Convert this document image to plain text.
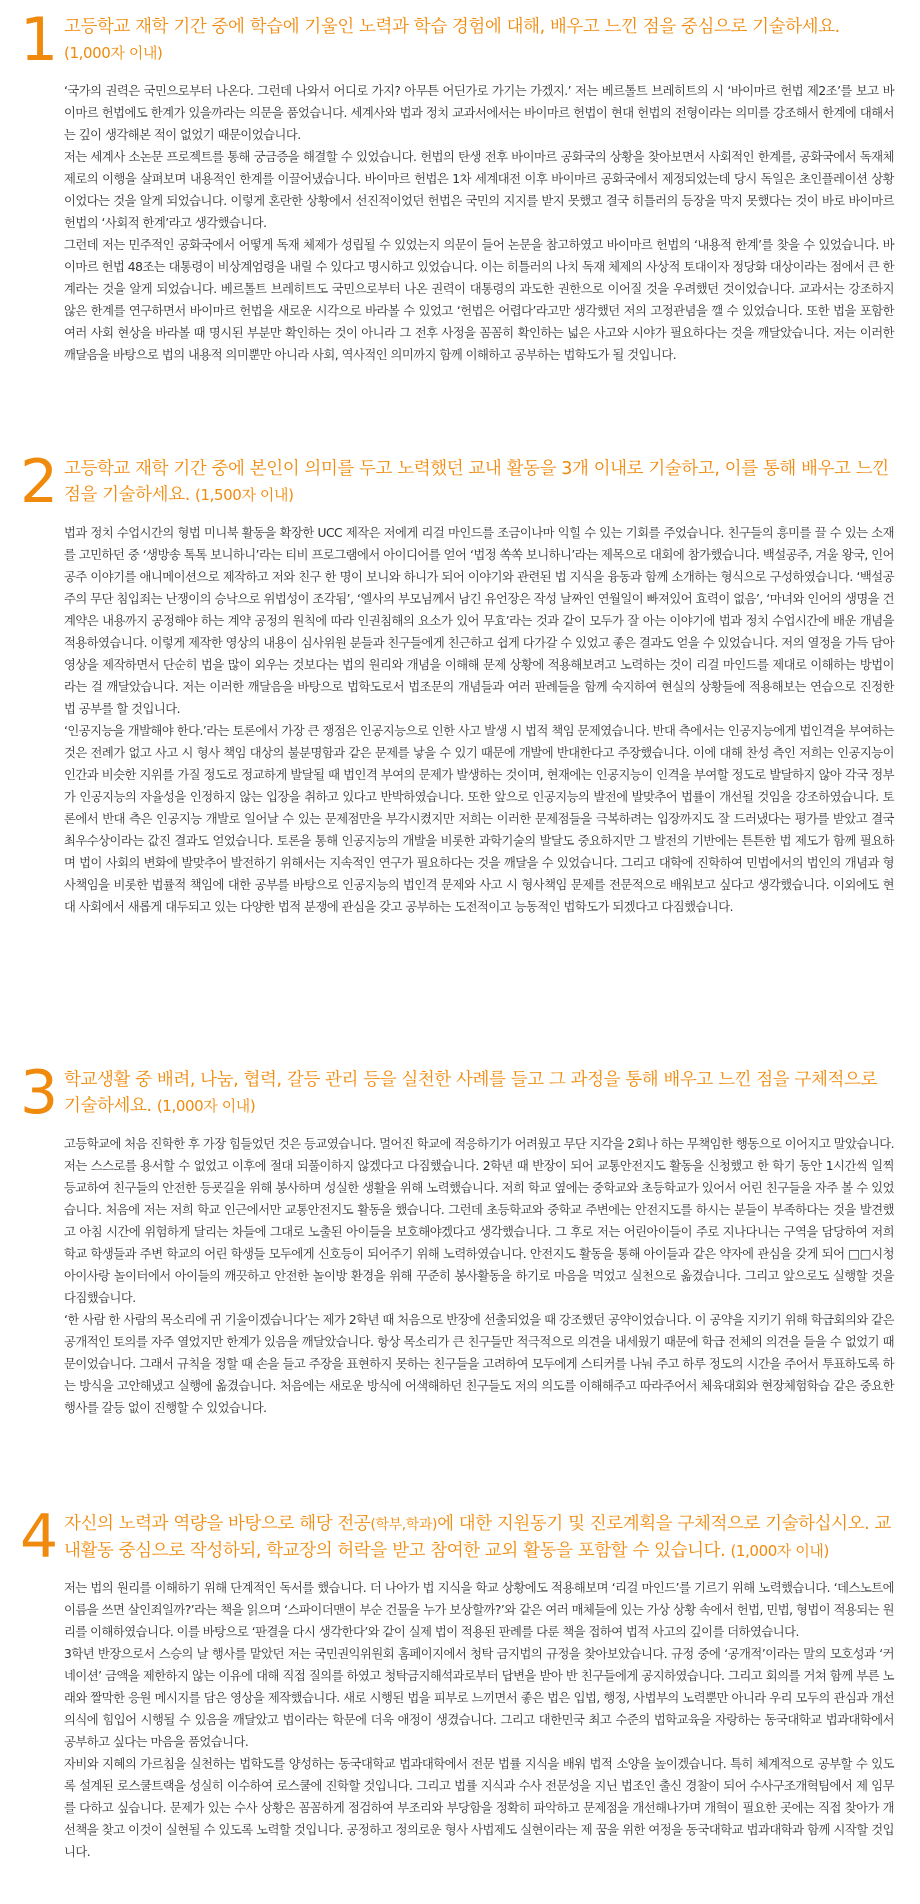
1 고등학교 재학 기간 중에 학습에 기울인 노력과 학습 경험에 대해, 배우고 느낀 점을 중심으로 기술하세요.
(1,000자 이내)

‘국가의 권력은 국민으로부터 나온다. 그런데 나와서 어디로 가지? 아무튼 어딘가로 가기는 가겠지.’ 저는 베르톨트 브레히트의 시 ‘바이마르 헌법 제2조’를 보고 바이마르 헌법에도 한계가 있을까라는 의문을 품었습니다. 세계사와 법과 정치 교과서에서는 바이마르 헌법이 현대 헌법의 전형이라는 의미를 강조해서 한계에 대해서는 깊이 생각해본 적이 없었기 때문이었습니다.

저는 세계사 소논문 프로젝트를 통해 궁금증을 해결할 수 있었습니다. 헌법의 탄생 전후 바이마르 공화국의 상황을 찾아보면서 사회적인 한계를, 공화국에서 독재체제로의 이행을 살펴보며 내용적인 한계를 이끌어냈습니다. 바이마르 헌법은 1차 세계대전 이후 바이마르 공화국에서 제정되었는데 당시 독일은 초인플레이션 상황이었다는 것을 알게 되었습니다. 이렇게 혼란한 상황에서 선진적이었던 헌법은 국민의 지지를 받지 못했고 결국 히틀러의 등장을 막지 못했다는 것이 바로 바이마르 헌법의 ‘사회적 한계’라고 생각했습니다.

그런데 저는 민주적인 공화국에서 어떻게 독재 체제가 성립될 수 있었는지 의문이 들어 논문을 참고하였고 바이마르 헌법의 ‘내용적 한계’를 찾을 수 있었습니다. 바이마르 헌법 48조는 대통령이 비상계엄령을 내릴 수 있다고 명시하고 있었습니다. 이는 히틀러의 나치 독재 체제의 사상적 토대이자 정당화 대상이라는 점에서 큰 한계라는 것을 알게 되었습니다. 베르톨트 브레히트도 국민으로부터 나온 권력이 대통령의 과도한 권한으로 이어질 것을 우려했던 것이었습니다. 교과서는 강조하지 않은 한계를 연구하면서 바이마르 헌법을 새로운 시각으로 바라볼 수 있었고 ‘헌법은 어렵다’라고만 생각했던 저의 고정관념을 깰 수 있었습니다. 또한 법을 포함한 여러 사회 현상을 바라볼 때 명시된 부분만 확인하는 것이 아니라 그 전후 사정을 꼼꼼히 확인하는 넓은 사고와 시야가 필요하다는 것을 깨달았습니다. 저는 이러한 깨달음을 바탕으로 법의 내용적 의미뿐만 아니라 사회, 역사적인 의미까지 함께 이해하고 공부하는 법학도가 될 것입니다.

2 고등학교 재학 기간 중에 본인이 의미를 두고 노력했던 교내 활동을 3개 이내로 기술하고, 이를 통해 배우고 느낀 점을 기술하세요. (1,500자 이내)

법과 정치 수업시간의 형법 미니북 활동을 확장한 UCC 제작은 저에게 리걸 마인드를 조금이나마 익힐 수 있는 기회를 주었습니다. 친구들의 흥미를 끌 수 있는 소재를 고민하던 중 ‘생방송 톡톡 보니하니’라는 티비 프로그램에서 아이디어를 얻어 ‘법정 쏙쏙 보니하니’라는 제목으로 대회에 참가했습니다. 백설공주, 겨울 왕국, 인어공주 이야기를 애니메이션으로 제작하고 저와 친구 한 명이 보니와 하니가 되어 이야기와 관련된 법 지식을 융동과 함께 소개하는 형식으로 구성하였습니다. ‘백설공주의 무단 침입죄는 난쟁이의 승낙으로 위법성이 조각됨’, ‘엘사의 부모님께서 남긴 유언장은 작성 날짜인 연월일이 빠져있어 효력이 없음’, ‘마녀와 인어의 생명을 건 계약은 내용까지 공정해야 하는 계약 공정의 원칙에 따라 인권침해의 요소가 있어 무효’라는 것과 같이 모두가 잘 아는 이야기에 법과 정치 수업시간에 배운 개념을 적용하였습니다. 이렇게 제작한 영상의 내용이 심사위원 분들과 친구들에게 친근하고 쉽게 다가갈 수 있었고 좋은 결과도 얻을 수 있었습니다. 저의 열정을 가득 담아 영상을 제작하면서 단순히 법을 많이 외우는 것보다는 법의 원리와 개념을 이해해 문제 상황에 적용해보려고 노력하는 것이 리걸 마인드를 제대로 이해하는 방법이라는 걸 깨달았습니다. 저는 이러한 깨달음을 바탕으로 법학도로서 법조문의 개념들과 여러 판례들을 함께 숙지하여 현실의 상황들에 적용해보는 연습으로 진정한 법 공부를 할 것입니다.

‘인공지능을 개발해야 한다.’라는 토론에서 가장 큰 쟁점은 인공지능으로 인한 사고 발생 시 법적 책임 문제였습니다. 반대 측에서는 인공지능에게 법인격을 부여하는 것은 전례가 없고 사고 시 형사 책임 대상의 불분명함과 같은 문제를 낳을 수 있기 때문에 개발에 반대한다고 주장했습니다. 이에 대해 찬성 측인 저희는 인공지능이 인간과 비슷한 지위를 가질 정도로 정교하게 발달될 때 법인격 부여의 문제가 발생하는 것이며, 현재에는 인공지능이 인격을 부여할 정도로 발달하지 않아 각국 정부가 인공지능의 자율성을 인정하지 않는 입장을 취하고 있다고 반박하였습니다. 또한 앞으로 인공지능의 발전에 발맞추어 법률이 개선될 것임을 강조하였습니다. 토론에서 반대 측은 인공지능 개발로 일어날 수 있는 문제점만을 부각시켰지만 저희는 이러한 문제점들을 극복하려는 입장까지도 잘 드러냈다는 평가를 받았고 결국 최우수상이라는 값진 결과도 얻었습니다. 토론을 통해 인공지능의 개발을 비롯한 과학기술의 발달도 중요하지만 그 발전의 기반에는 튼튼한 법 제도가 함께 필요하며 법이 사회의 변화에 발맞추어 발전하기 위해서는 지속적인 연구가 필요하다는 것을 깨달을 수 있었습니다. 그리고 대학에 진학하여 민법에서의 법인의 개념과 형사책임을 비롯한 법률적 책임에 대한 공부를 바탕으로 인공지능의 법인격 문제와 사고 시 형사책임 문제를 전문적으로 배워보고 싶다고 생각했습니다. 이외에도 현대 사회에서 새롭게 대두되고 있는 다양한 법적 분쟁에 관심을 갖고 공부하는 도전적이고 능동적인 법학도가 되겠다고 다짐했습니다.

3 학교생활 중 배려, 나눔, 협력, 갈등 관리 등을 실천한 사례를 들고 그 과정을 통해 배우고 느낀 점을 구체적으로 기술하세요. (1,000자 이내)

고등학교에 처음 진학한 후 가장 힘들었던 것은 등교였습니다. 멀어진 학교에 적응하기가 어려웠고 무단 지각을 2회나 하는 무책임한 행동으로 이어지고 말았습니다. 저는 스스로를 용서할 수 없었고 이후에 절대 되풀이하지 않겠다고 다짐했습니다. 2학년 때 반장이 되어 교통안전지도 활동을 신청했고 한 학기 동안 1시간씩 일찍 등교하여 친구들의 안전한 등굣길을 위해 봉사하며 성실한 생활을 위해 노력했습니다. 저희 학교 옆에는 중학교와 초등학교가 있어서 어린 친구들을 자주 볼 수 있었습니다. 처음에 저는 저희 학교 인근에서만 교통안전지도 활동을 했습니다. 그런데 초등학교와 중학교 주변에는 안전지도를 하시는 분들이 부족하다는 것을 발견했고 아침 시간에 위험하게 달리는 차들에 그대로 노출된 아이들을 보호해야겠다고 생각했습니다. 그 후로 저는 어린아이들이 주로 지나다니는 구역을 담당하여 저희 학교 학생들과 주변 학교의 어린 학생들 모두에게 신호등이 되어주기 위해 노력하였습니다. 안전지도 활동을 통해 아이들과 같은 약자에 관심을 갖게 되어 □□시청 아이사랑 놀이터에서 아이들의 깨끗하고 안전한 놀이방 환경을 위해 꾸준히 봉사활동을 하기로 마음을 먹었고 실천으로 옮겼습니다. 그리고 앞으로도 실행할 것을 다짐했습니다.

‘한 사람 한 사람의 목소리에 귀 기울이겠습니다’는 제가 2학년 때 처음으로 반장에 선출되었을 때 강조했던 공약이었습니다. 이 공약을 지키기 위해 학급회의와 같은 공개적인 토의를 자주 열었지만 한계가 있음을 깨달았습니다. 항상 목소리가 큰 친구들만 적극적으로 의견을 내세웠기 때문에 학급 전체의 의견을 들을 수 없었기 때문이었습니다. 그래서 규칙을 정할 때 손을 들고 주장을 표현하지 못하는 친구들을 고려하여 모두에게 스티커를 나눠 주고 하루 정도의 시간을 주어서 투표하도록 하는 방식을 고안해냈고 실행에 옮겼습니다. 처음에는 새로운 방식에 어색해하던 친구들도 저의 의도를 이해해주고 따라주어서 체육대회와 현장체험학습 같은 중요한 행사를 갈등 없이 진행할 수 있었습니다.

4 자신의 노력과 역량을 바탕으로 해당 전공(학부,학과)에 대한 지원동기 및 진로계획을 구체적으로 기술하십시오. 교내활동 중심으로 작성하되, 학교장의 허락을 받고 참여한 교외 활동을 포함할 수 있습니다. (1,000자 이내)

저는 법의 원리를 이해하기 위해 단계적인 독서를 했습니다. 더 나아가 법 지식을 학교 상황에도 적용해보며 ‘리걸 마인드’를 기르기 위해 노력했습니다. ‘데스노트에 이름을 쓰면 살인죄일까?’라는 책을 읽으며 ‘스파이더맨이 부순 건물을 누가 보상할까?’와 같은 여러 매체들에 있는 가상 상황 속에서 헌법, 민법, 형법이 적용되는 원리를 이해하였습니다. 이를 바탕으로 ‘판결을 다시 생각한다’와 같이 실제 법이 적용된 판례를 다룬 책을 접하여 법적 사고의 깊이를 더하였습니다.

3학년 반장으로서 스승의 날 행사를 맡았던 저는 국민권익위원회 홈페이지에서 청탁 금지법의 규정을 찾아보았습니다. 규정 중에 ‘공개적’이라는 말의 모호성과 ‘커네이션’ 금액을 제한하지 않는 이유에 대해 직접 질의를 하였고 청탁금지해석과로부터 답변을 받아 반 친구들에게 공지하였습니다. 그리고 회의를 거쳐 함께 부른 노래와 짤막한 응원 메시지를 담은 영상을 제작했습니다. 새로 시행된 법을 피부로 느끼면서 좋은 법은 입법, 행정, 사법부의 노력뿐만 아니라 우리 모두의 관심과 개선 의식에 힘입어 시행될 수 있음을 깨달았고 법이라는 학문에 더욱 애정이 생겼습니다. 그리고 대한민국 최고 수준의 법학교육을 자랑하는 동국대학교 법과대학에서 공부하고 싶다는 마음을 품었습니다.

자비와 지혜의 가르침을 실천하는 법학도를 양성하는 동국대학교 법과대학에서 전문 법률 지식을 배워 법적 소양을 높이겠습니다. 특히 체계적으로 공부할 수 있도록 설계된 로스쿨트랙을 성실히 이수하여 로스쿨에 진학할 것입니다. 그리고 법률 지식과 수사 전문성을 지닌 법조인 출신 경찰이 되어 수사구조개혁팀에서 제 임무를 다하고 싶습니다. 문제가 있는 수사 상황은 꼼꼼하게 점검하여 부조리와 부당함을 정확히 파악하고 문제점을 개선해나가며 개혁이 필요한 곳에는 직접 찾아가 개선책을 찾고 이것이 실현될 수 있도록 노력할 것입니다. 공정하고 정의로운 형사 사법제도 실현이라는 제 꿈을 위한 여정을 동국대학교 법과대학과 함께 시작할 것입니다.
